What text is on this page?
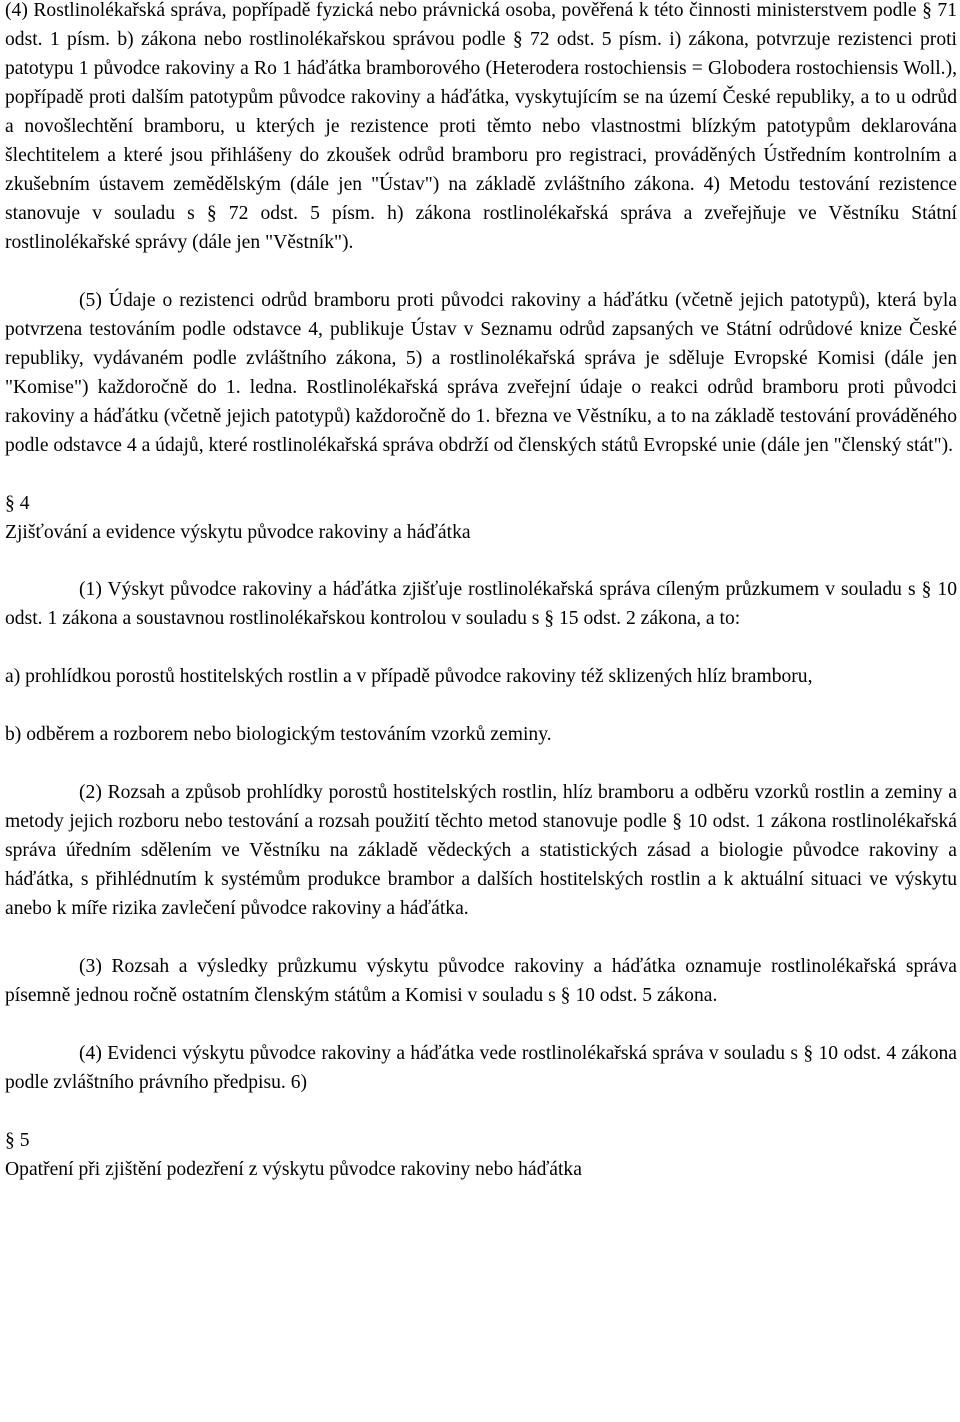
(4) Rostlinolékařská správa, popřípadě fyzická nebo právnická osoba, pověřená k této činnosti ministerstvem podle § 71 odst. 1 písm. b) zákona nebo rostlinolékařskou správou podle § 72 odst. 5 písm. i) zákona, potvrzuje rezistenci proti patotypu 1 původce rakoviny a Ro 1 háďátka bramborového (Heterodera rostochiensis = Globodera rostochiensis Woll.), popřípadě proti dalším patotypům původce rakoviny a háďátka, vyskytujícím se na území České republiky, a to u odrůd a novošlechtění bramboru, u kterých je rezistence proti těmto nebo vlastnostmi blízkým patotypům deklarována šlechtitelem a které jsou přihlášeny do zkoušek odrůd bramboru pro registraci, prováděných Ústředním kontrolním a zkušebním ústavem zemědělským (dále jen "Ústav") na základě zvláštního zákona. 4) Metodu testování rezistence stanovuje v souladu s § 72 odst. 5 písm. h) zákona rostlinolékařská správa a zveřejňuje ve Věstníku Státní rostlinolékařské správy (dále jen "Věstník").

(5) Údaje o rezistenci odrůd bramboru proti původci rakoviny a háďátku (včetně jejich patotypů), která byla potvrzena testováním podle odstavce 4, publikuje Ústav v Seznamu odrůd zapsaných ve Státní odrůdové knize České republiky, vydávaném podle zvláštního zákona, 5) a rostlinolékařská správa je sděluje Evropské Komisi (dále jen "Komise") každoročně do 1. ledna. Rostlinolékařská správa zveřejní údaje o reakci odrůd bramboru proti původci rakoviny a háďátku (včetně jejich patotypů) každoročně do 1. března ve Věstníku, a to na základě testování prováděného podle odstavce 4 a údajů, které rostlinolékařská správa obdrží od členských států Evropské unie (dále jen "členský stát").

§ 4

Zjišťování a evidence výskytu původce rakoviny a háďátka

(1) Výskyt původce rakoviny a háďátka zjišťuje rostlinolékařská správa cíleným průzkumem v souladu s § 10 odst. 1 zákona a soustavnou rostlinolékařskou kontrolou v souladu s § 15 odst. 2 zákona, a to:

a) prohlídkou porostů hostitelských rostlin a v případě původce rakoviny též sklizených hlíz bramboru,

b) odběrem a rozborem nebo biologickým testováním vzorků zeminy.

(2) Rozsah a způsob prohlídky porostů hostitelských rostlin, hlíz bramboru a odběru vzorků rostlin a zeminy a metody jejich rozboru nebo testování a rozsah použití těchto metod stanovuje podle § 10 odst. 1 zákona rostlinolékařská správa úředním sdělením ve Věstníku na základě vědeckých a statistických zásad a biologie původce rakoviny a háďátka, s přihlédnutím k systémům produkce brambor a dalších hostitelských rostlin a k aktuální situaci ve výskytu anebo k míře rizika zavlečení původce rakoviny a háďátka.

(3) Rozsah a výsledky průzkumu výskytu původce rakoviny a háďátka oznamuje rostlinolékařská správa písemně jednou ročně ostatním členským státům a Komisi v souladu s § 10 odst. 5 zákona.

(4) Evidenci výskytu původce rakoviny a háďátka vede rostlinolékařská správa v souladu s § 10 odst. 4 zákona podle zvláštního právního předpisu. 6)

§ 5

Opatření při zjištění podezření z výskytu původce rakoviny nebo háďátka
